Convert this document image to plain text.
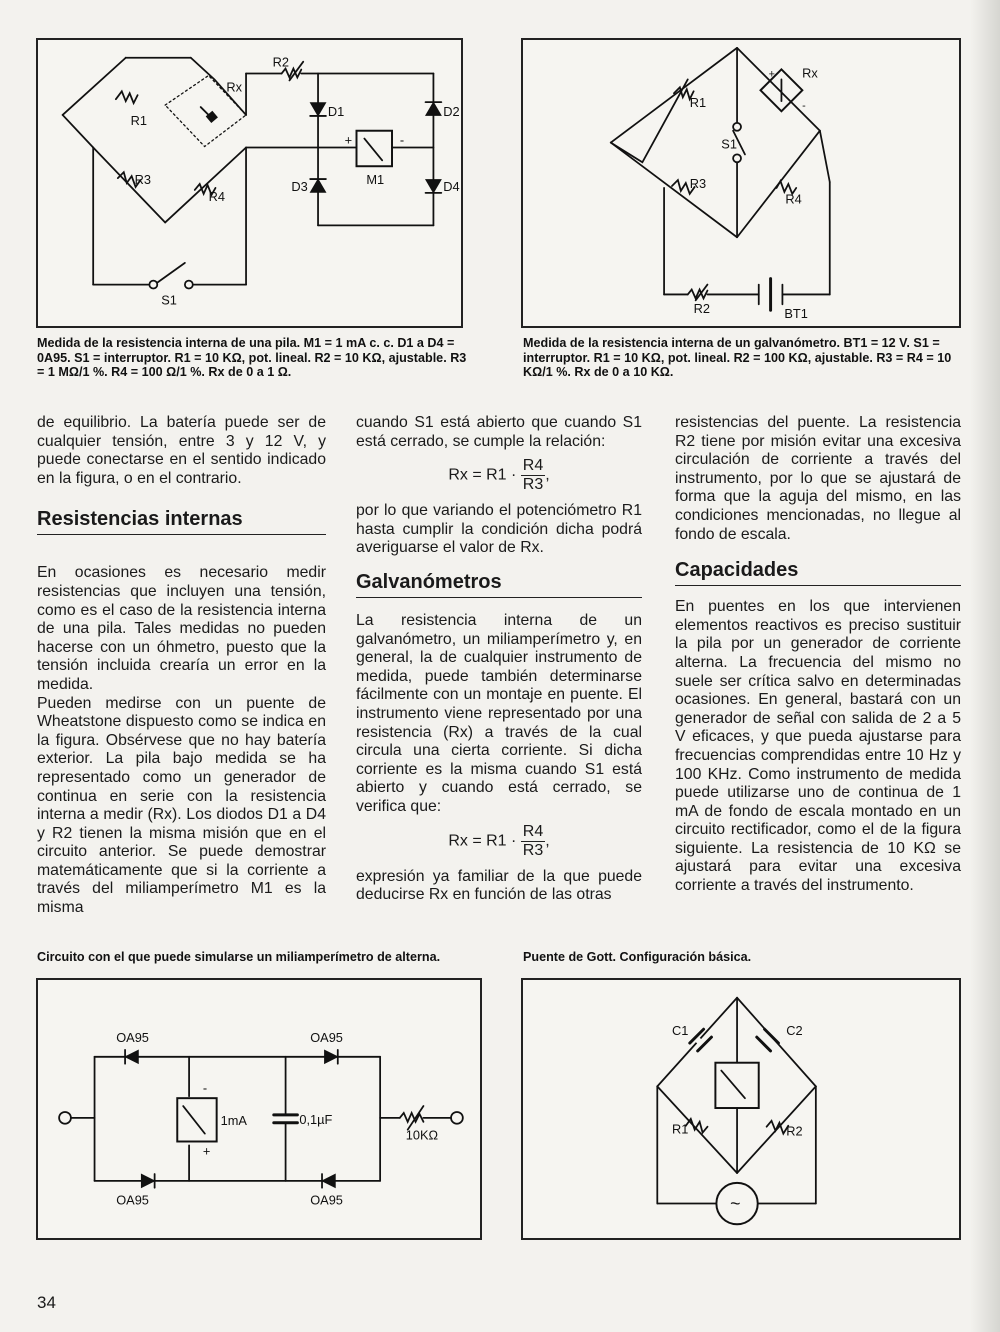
R2
Rx
R1
R3
R4
D1	D2
D3	D4
M1
+	-
S1

Medida de la resistencia interna de una pila. M1 = 1 mA c. c. D1 a D4 = 0A95. S1 = interruptor. R1 = 10 KΩ, pot. lineal. R2 = 10 KΩ, ajustable. R3 = 1 MΩ/1 %. R4 = 100 Ω/1 %. Rx de 0 a 1 Ω.

Rx
+
-
R1
S1
R3
R4
R2	BT1

Medida de la resistencia interna de un galvanómetro. BT1 = 12 V. S1 = interruptor. R1 = 10 KΩ, pot. lineal. R2 = 100 KΩ, ajustable. R3 = R4 = 10 KΩ/1 %. Rx de 0 a 10 KΩ.

de equilibrio. La batería puede ser de cualquier tensión, entre 3 y 12 V, y puede conectarse en el sentido indicado en la figura, o en el contrario.

Resistencias internas

En ocasiones es necesario medir resistencias que incluyen una tensión, como es el caso de la resistencia interna de una pila. Tales medidas no pueden hacerse con un óhmetro, puesto que la tensión incluida crearía un error en la medida.

Pueden medirse con un puente de Wheatstone dispuesto como se indica en la figura. Obsérvese que no hay batería exterior. La pila bajo medida se ha representado como un generador de continua en serie con la resistencia interna a medir (Rx). Los diodos D1 a D4 y R2 tienen la misma misión que en el circuito anterior. Se puede demostrar matemáticamente que si la corriente a través del miliamperímetro M1 es la misma

cuando S1 está abierto que cuando S1 está cerrado, se cumple la relación:

$Rx = R1 \cdot \frac{R4}{R3}$ ,

por lo que variando el potenciómetro R1 hasta cumplir la condición dicha podrá averiguarse el valor de Rx.

Galvanómetros

La resistencia interna de un galvanómetro, un miliamperímetro y, en general, la de cualquier instrumento de medida, puede también determinarse fácilmente con un montaje en puente. El instrumento viene representado por una resistencia (Rx) a través de la cual circula una cierta corriente. Si dicha corriente es la misma cuando S1 está abierto y cuando está cerrado, se verifica que:

$Rx = R1 \cdot \frac{R4}{R3}$ ,

expresión ya familiar de la que puede deducirse Rx en función de las otras

resistencias del puente. La resistencia R2 tiene por misión evitar una excesiva circulación de corriente a través del instrumento, por lo que se ajustará de forma que la aguja del mismo, en las condiciones mencionadas, no llegue al fondo de escala.

Capacidades

En puentes en los que intervienen elementos reactivos es preciso sustituir la pila por un generador de corriente alterna. La frecuencia del mismo no suele ser crítica salvo en determinadas ocasiones. En general, bastará con un generador de señal con salida de 2 a 5 V eficaces, y que pueda ajustarse para frecuencias comprendidas entre 10 Hz y 100 KHz. Como instrumento de medida puede utilizarse uno de continua de 1 mA de fondo de escala montado en un circuito rectificador, como el de la figura siguiente. La resistencia de 10 KΩ se ajustará para evitar una excesiva corriente a través del instrumento.

Circuito con el que puede simularse un miliamperímetro de alterna.

OA95	OA95
OA95	OA95
1mA	0,1µF
10KΩ
-
+

Puente de Gott. Configuración básica.

C1	C2
R1	R2
~
34
